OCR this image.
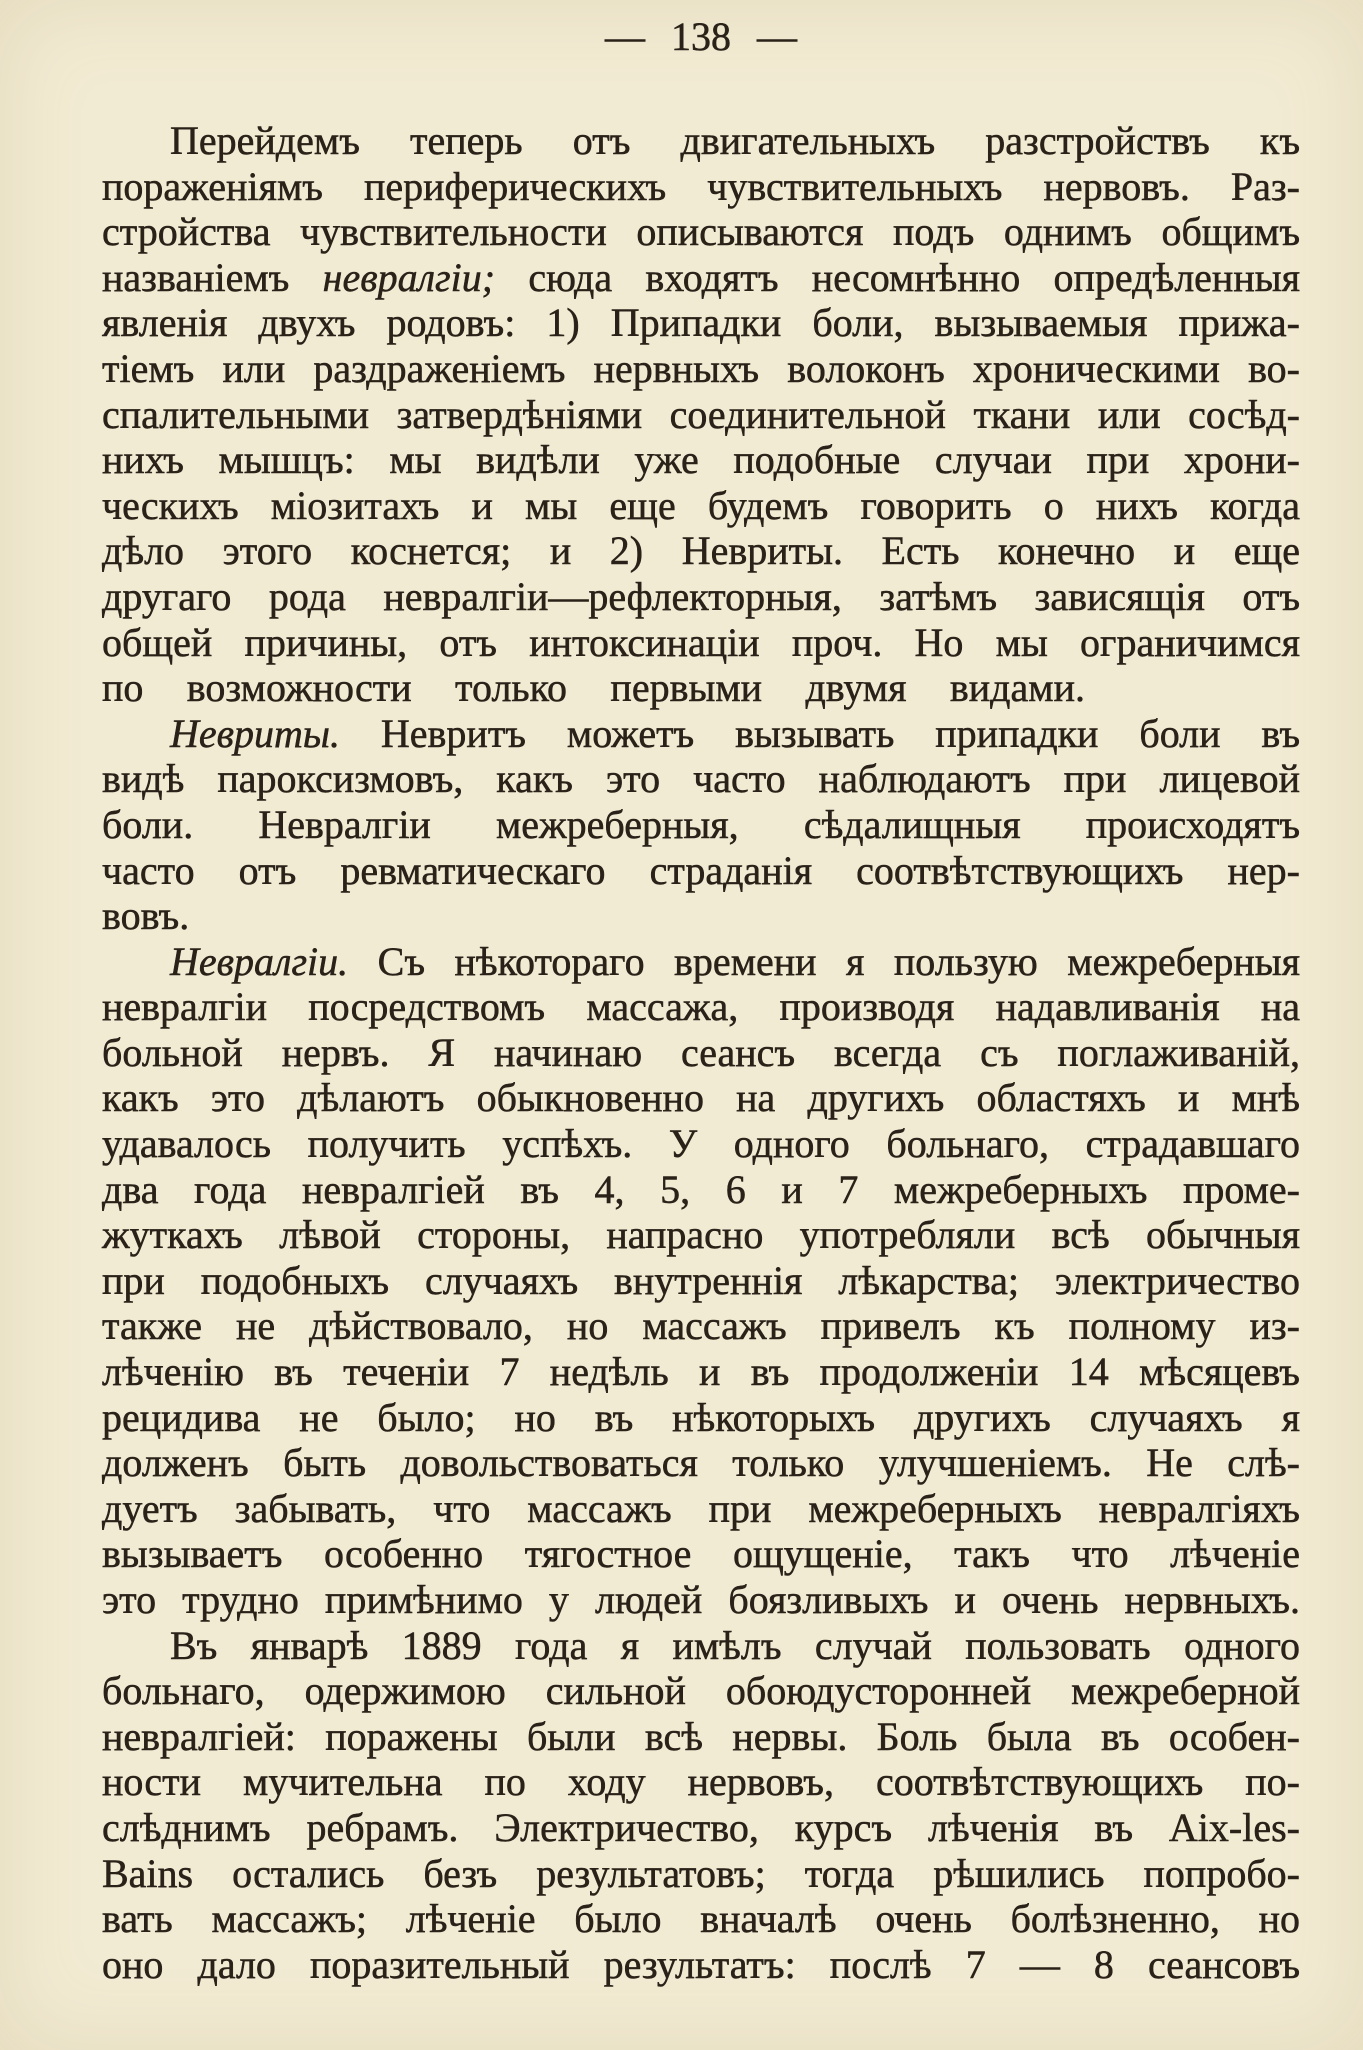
— 138 —
Перейдемъ теперь отъ двигательныхъ разстройствъ къ
пораженіямъ периферическихъ чувствительныхъ нервовъ. Раз-
стройства чувствительности описываются подъ однимъ общимъ
названіемъ невралгіи; сюда входятъ несомнѣнно опредѣленныя
явленія двухъ родовъ: 1) Припадки боли, вызываемыя прижа-
тіемъ или раздраженіемъ нервныхъ волоконъ хроническими во-
спалительными затвердѣніями соединительной ткани или сосѣд-
нихъ мышцъ: мы видѣли уже подобные случаи при хрони-
ческихъ міозитахъ и мы еще будемъ говорить о нихъ когда
дѣло этого коснется; и 2) Невриты. Есть конечно и еще
другаго рода невралгіи—рефлекторныя, затѣмъ зависящія отъ
общей причины, отъ интоксинаціи проч. Но мы ограничимся
по возможности только первыми двумя видами.
Невриты. Невритъ можетъ вызывать припадки боли въ
видѣ пароксизмовъ, какъ это часто наблюдаютъ при лицевой
боли. Невралгіи межреберныя, сѣдалищныя происходятъ
часто отъ ревматическаго страданія соотвѣтствующихъ нер-
вовъ.
Невралгіи. Съ нѣкотораго времени я пользую межреберныя
невралгіи посредствомъ массажа, производя надавливанія на
больной нервъ. Я начинаю сеансъ всегда съ поглаживаній,
какъ это дѣлаютъ обыкновенно на другихъ областяхъ и мнѣ
удавалось получить успѣхъ. У одного больнаго, страдавшаго
два года невралгіей въ 4, 5, 6 и 7 межреберныхъ проме-
жуткахъ лѣвой стороны, напрасно употребляли всѣ обычныя
при подобныхъ случаяхъ внутреннія лѣкарства; электричество
также не дѣйствовало, но массажъ привелъ къ полному из-
лѣченію въ теченіи 7 недѣль и въ продолженіи 14 мѣсяцевъ
рецидива не было; но въ нѣкоторыхъ другихъ случаяхъ я
долженъ быть довольствоваться только улучшеніемъ. Не слѣ-
дуетъ забывать, что массажъ при межреберныхъ невралгіяхъ
вызываетъ особенно тягостное ощущеніе, такъ что лѣченіе
это трудно примѣнимо у людей боязливыхъ и очень нервныхъ.
Въ январѣ 1889 года я имѣлъ случай пользовать одного
больнаго, одержимою сильной обоюдусторонней межреберной
невралгіей: поражены были всѣ нервы. Боль была въ особен-
ности мучительна по ходу нервовъ, соотвѣтствующихъ по-
слѣднимъ ребрамъ. Электричество, курсъ лѣченія въ Aix-les-
Bains остались безъ результатовъ; тогда рѣшились попробо-
вать массажъ; лѣченіе было вначалѣ очень болѣзненно, но
оно дало поразительный результатъ: послѣ 7 — 8 сеансовъ
